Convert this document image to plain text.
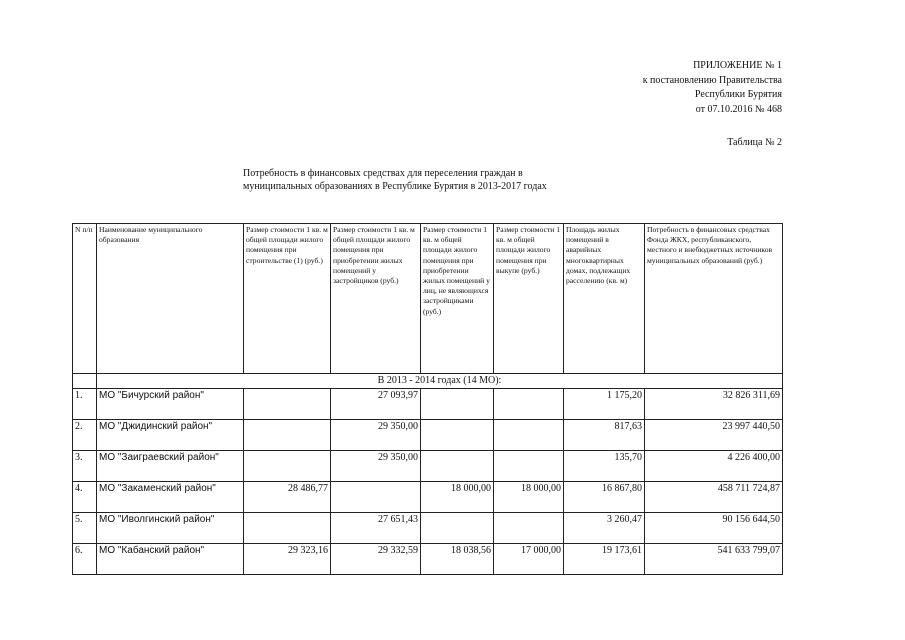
ПРИЛОЖЕНИЕ № 1
к постановлению Правительства
Республики Бурятия
от 07.10.2016 № 468
Таблица № 2
Потребность в финансовых средствах для переселения граждан в
муниципальных образованиях в Республике Бурятия в 2013-2017 годах
N п/п	Наименование муниципального образования	Размер стоимости 1 кв. м общей площади жилого помещения при строительстве (1) (руб.)	Размер стоимости 1 кв. м общей площади жилого помещения при приобретении жилых помещений у застройщиков (руб.)	Размер стоимости 1 кв. м общей площади жилого помещения при приобретении жилых помещений у лиц, не являющихся застройщиками (руб.)	Размер стоимости 1 кв. м общей площади жилого помещения при выкупе (руб.)	Площадь жилых помещений в аварийных многоквартирных домах, подлежащих расселению (кв. м)	Потребность в финансовых средствах Фонда ЖКХ, республиканского, местного и внебюджетных источников муниципальных образований (руб.)
	В 2013 - 2014 годах (14 МО):						
1.	МО "Бичурский район"		27 093,97			1 175,20	32 826 311,69
2.	МО "Джидинский район"		29 350,00			817,63	23 997 440,50
3.	МО "Заиграевский район"		29 350,00			135,70	4 226 400,00
4.	МО "Закаменский район"	28 486,77		18 000,00	18 000,00	16 867,80	458 711 724,87
5.	МО "Иволгинский район"		27 651,43			3 260,47	90 156 644,50
6.	МО "Кабанский район"	29 323,16	29 332,59	18 038,56	17 000,00	19 173,61	541 633 799,07
